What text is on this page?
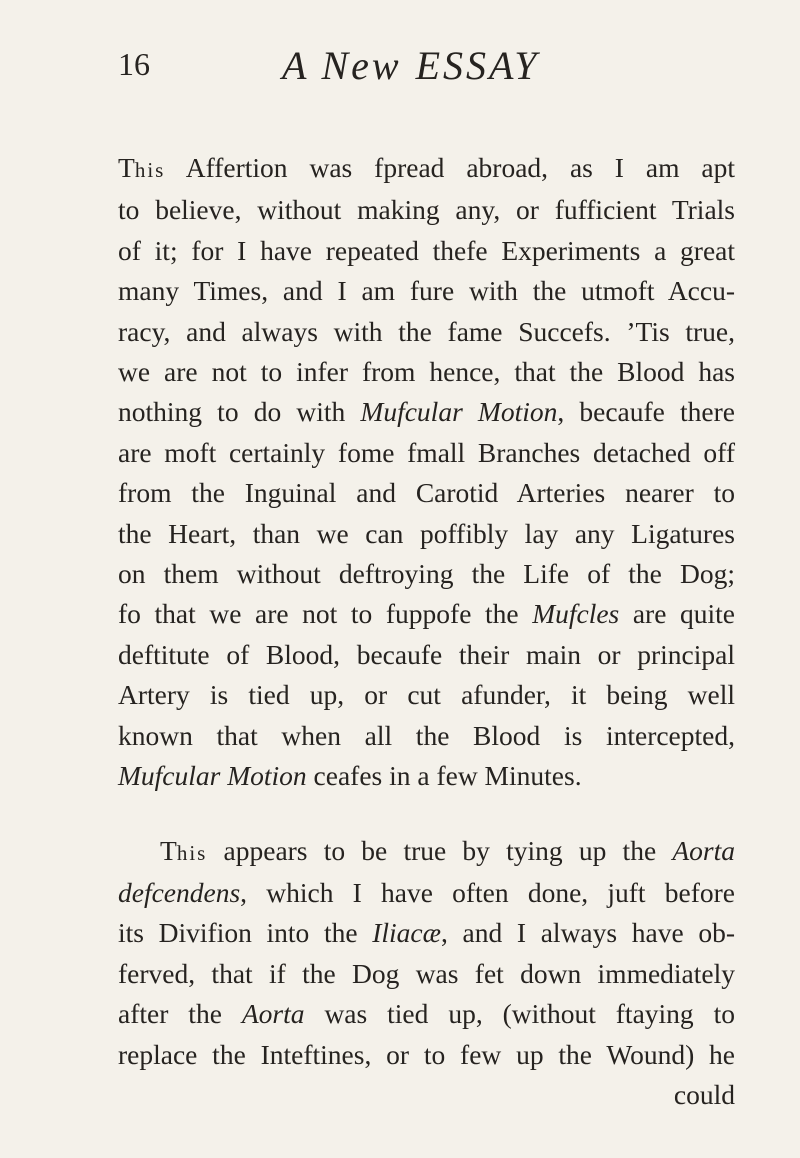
16	A New ESSAY

This Affertion was fpread abroad, as I am apt
to believe, without making any, or fufficient Trials
of it; for I have repeated thefe Experiments a great
many Times, and I am fure with the utmoft Accu-
racy, and always with the fame Succefs. ’Tis true,
we are not to infer from hence, that the Blood has
nothing to do with Mufcular Motion, becaufe there
are moft certainly fome fmall Branches detached off
from the Inguinal and Carotid Arteries nearer to
the Heart, than we can poffibly lay any Ligatures
on them without deftroying the Life of the Dog;
fo that we are not to fuppofe the Mufcles are quite
deftitute of Blood, becaufe their main or principal
Artery is tied up, or cut afunder, it being well
known that when all the Blood is intercepted,
Mufcular Motion ceafes in a few Minutes.

This appears to be true by tying up the Aorta
defcendens, which I have often done, juft before
its Divifion into the Iliacæ, and I always have ob-
ferved, that if the Dog was fet down immediately
after the Aorta was tied up, (without ftaying to
replace the Inteftines, or to few up the Wound) he
could
